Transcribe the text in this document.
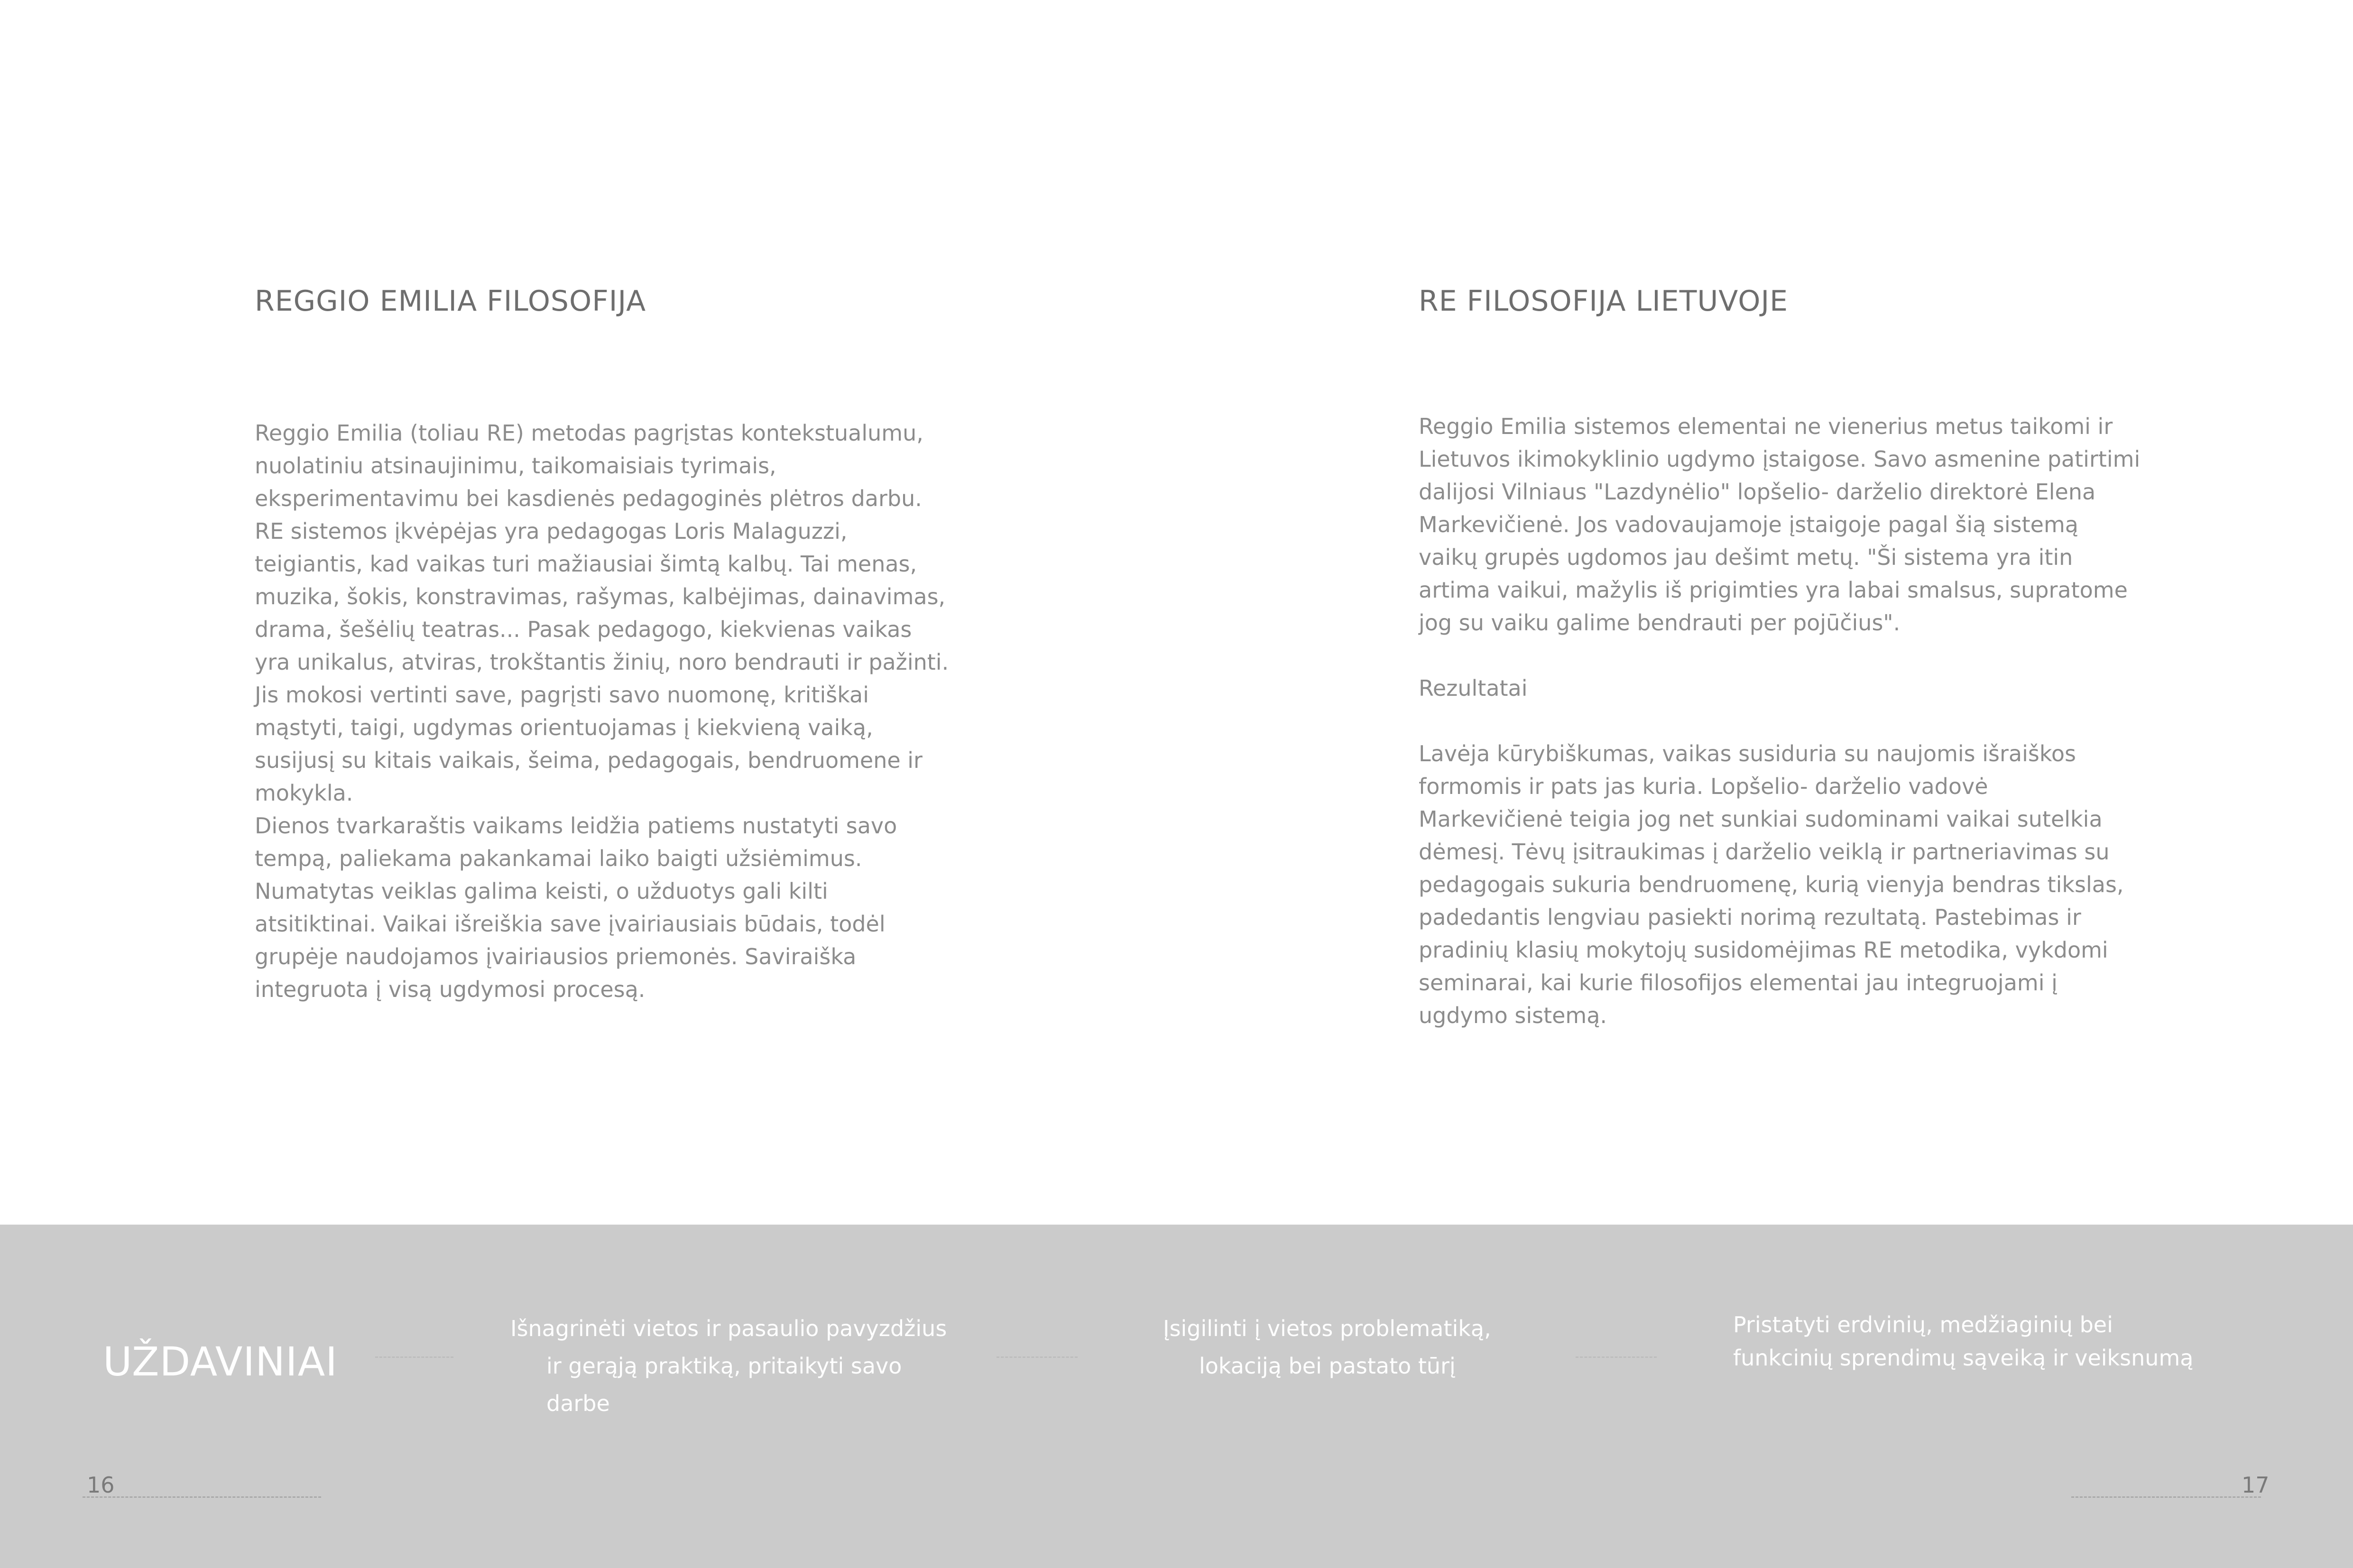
REGGIO EMILIA FILOSOFIJA
Reggio Emilia (toliau RE) metodas pagrįstas kontekstualumu,
nuolatiniu atsinaujinimu, taikomaisiais tyrimais,
eksperimentavimu bei kasdienės pedagoginės plėtros darbu.
RE sistemos įkvėpėjas yra pedagogas Loris Malaguzzi,
teigiantis, kad vaikas turi mažiausiai šimtą kalbų. Tai menas,
muzika, šokis, konstravimas, rašymas, kalbėjimas, dainavimas,
drama, šešėlių teatras... Pasak pedagogo, kiekvienas vaikas
yra unikalus, atviras, trokštantis žinių, noro bendrauti ir pažinti.
Jis mokosi vertinti save, pagrįsti savo nuomonę, kritiškai
mąstyti, taigi, ugdymas orientuojamas į kiekvieną vaiką,
susijusį su kitais vaikais, šeima, pedagogais, bendruomene ir
mokykla.
Dienos tvarkaraštis vaikams leidžia patiems nustatyti savo
tempą, paliekama pakankamai laiko baigti užsiėmimus.
Numatytas veiklas galima keisti, o užduotys gali kilti
atsitiktinai. Vaikai išreiškia save įvairiausiais būdais, todėl
grupėje naudojamos įvairiausios priemonės. Saviraiška
integruota į visą ugdymosi procesą.
RE FILOSOFIJA LIETUVOJE
Reggio Emilia sistemos elementai ne vienerius metus taikomi ir
Lietuvos ikimokyklinio ugdymo įstaigose. Savo asmenine patirtimi
dalijosi Vilniaus "Lazdynėlio" lopšelio- darželio direktorė Elena
Markevičienė. Jos vadovaujamoje įstaigoje pagal šią sistemą
vaikų grupės ugdomos jau dešimt metų. "Ši sistema yra itin
artima vaikui, mažylis iš prigimties yra labai smalsus, supratome
jog su vaiku galime bendrauti per pojūčius".
Rezultatai
Lavėja kūrybiškumas, vaikas susiduria su naujomis išraiškos
formomis ir pats jas kuria. Lopšelio- darželio vadovė
Markevičienė teigia jog net sunkiai sudominami vaikai sutelkia
dėmesį. Tėvų įsitraukimas į darželio veiklą ir partneriavimas su
pedagogais sukuria bendruomenę, kurią vienyja bendras tikslas,
padedantis lengviau pasiekti norimą rezultatą. Pastebimas ir
pradinių klasių mokytojų susidomėjimas RE metodika, vykdomi
seminarai, kai kurie filosofijos elementai jau integruojami į
ugdymo sistemą.
UŽDAVINIAI
Išnagrinėti vietos ir pasaulio pavyzdžius
ir gerąją praktiką, pritaikyti savo
darbe
Įsigilinti į vietos problematiką,
lokaciją bei pastato tūrį
Pristatyti erdvinių, medžiaginių bei
funkcinių sprendimų sąveiką ir veiksnumą
16	17
